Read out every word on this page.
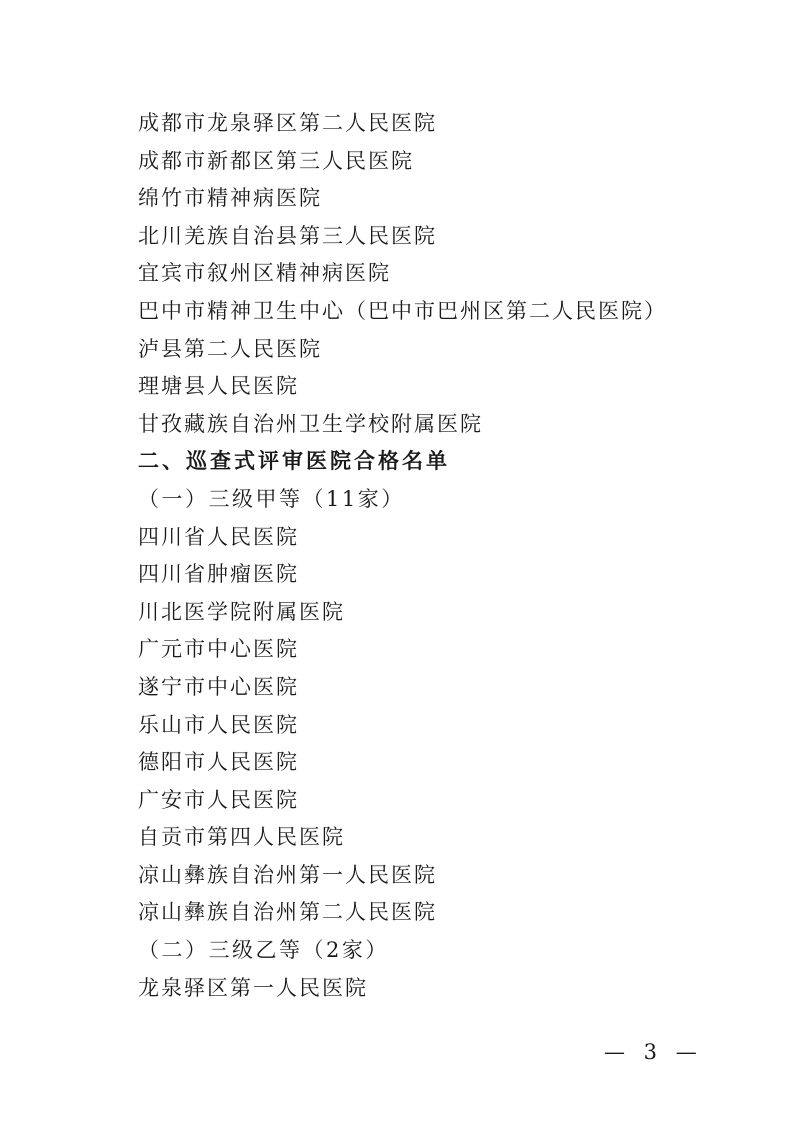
成都市龙泉驿区第二人民医院
成都市新都区第三人民医院
绵竹市精神病医院
北川羌族自治县第三人民医院
宜宾市叙州区精神病医院
巴中市精神卫生中心（巴中市巴州区第二人民医院）
泸县第二人民医院
理塘县人民医院
甘孜藏族自治州卫生学校附属医院
二、巡查式评审医院合格名单
（一）三级甲等（11家）
四川省人民医院
四川省肿瘤医院
川北医学院附属医院
广元市中心医院
遂宁市中心医院
乐山市人民医院
德阳市人民医院
广安市人民医院
自贡市第四人民医院
凉山彝族自治州第一人民医院
凉山彝族自治州第二人民医院
（二）三级乙等（2家）
龙泉驿区第一人民医院
— 3 —
